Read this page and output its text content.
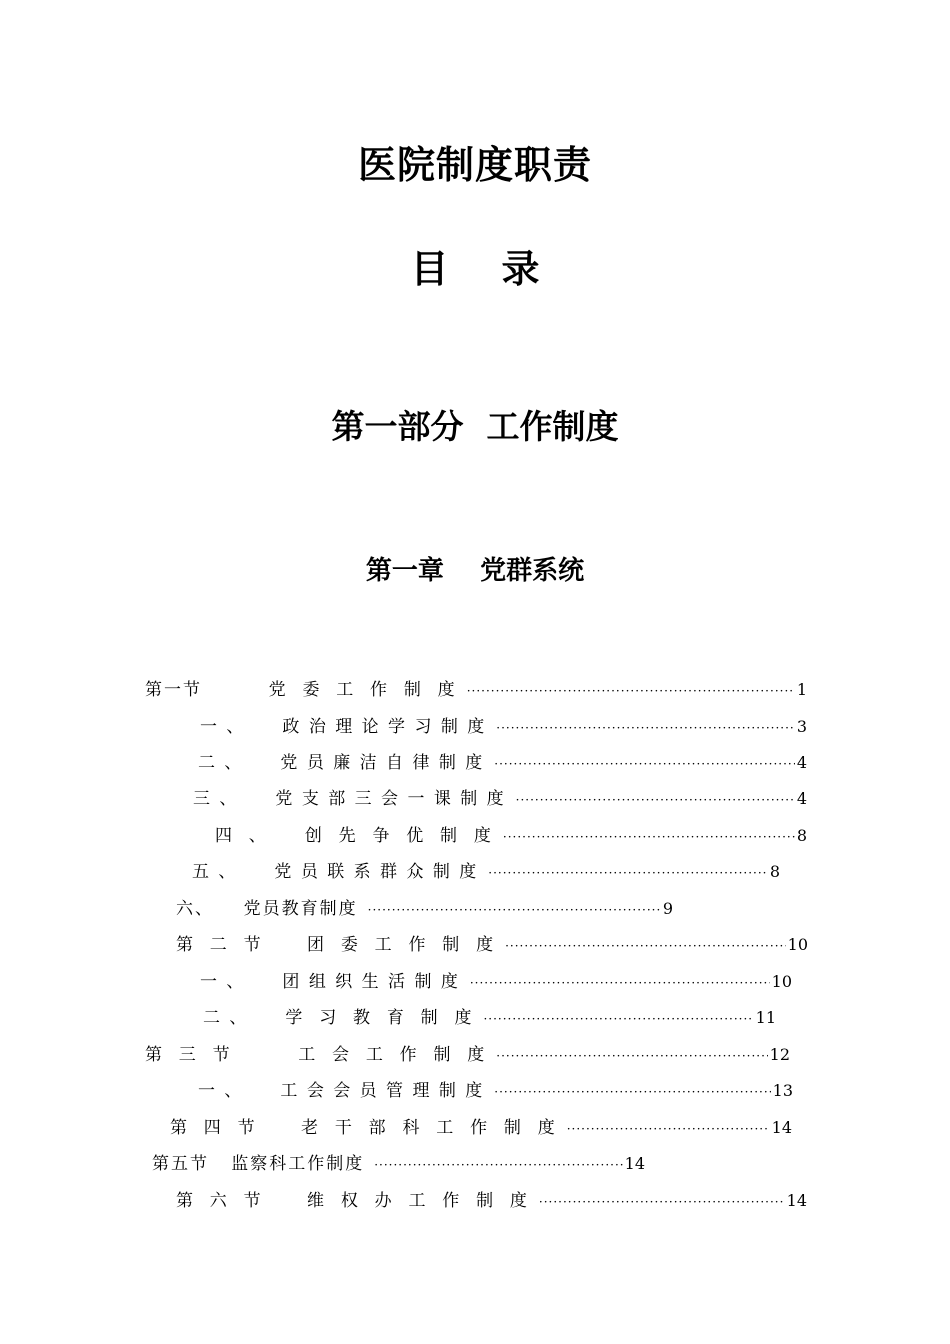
医院制度职责
目    录
第一部分  工作制度
第一章    党群系统
第一节         党  委  工  作  制  度 ·····	1
一 、     政 治 理 论 学 习 制 度 ·····	3
二 、     党 员 廉 洁 自 律 制 度 ·····	4
三 、     党 支 部 三 会 一 课 制 度 ·····	4
四  、     创  先  争  优  制  度 ·····	8
五 、     党 员 联 系 群 众 制 度 ·····	8
六、    党员教育制度 ·····	9
第  二  节      团  委  工  作  制  度 ·····	10
一 、     团 组 织 生 活 制 度 ·····	10
二 、     学  习  教  育  制  度 ·····	11
第  三  节         工  会  工  作  制  度 ·····	12
一 、     工 会 会 员 管 理 制 度 ·····	13
第  四  节      老  干  部  科  工  作  制  度 ·····	14
第五节   监察科工作制度 ·····	14
第  六  节      维  权  办  工  作  制  度 ·····	14
